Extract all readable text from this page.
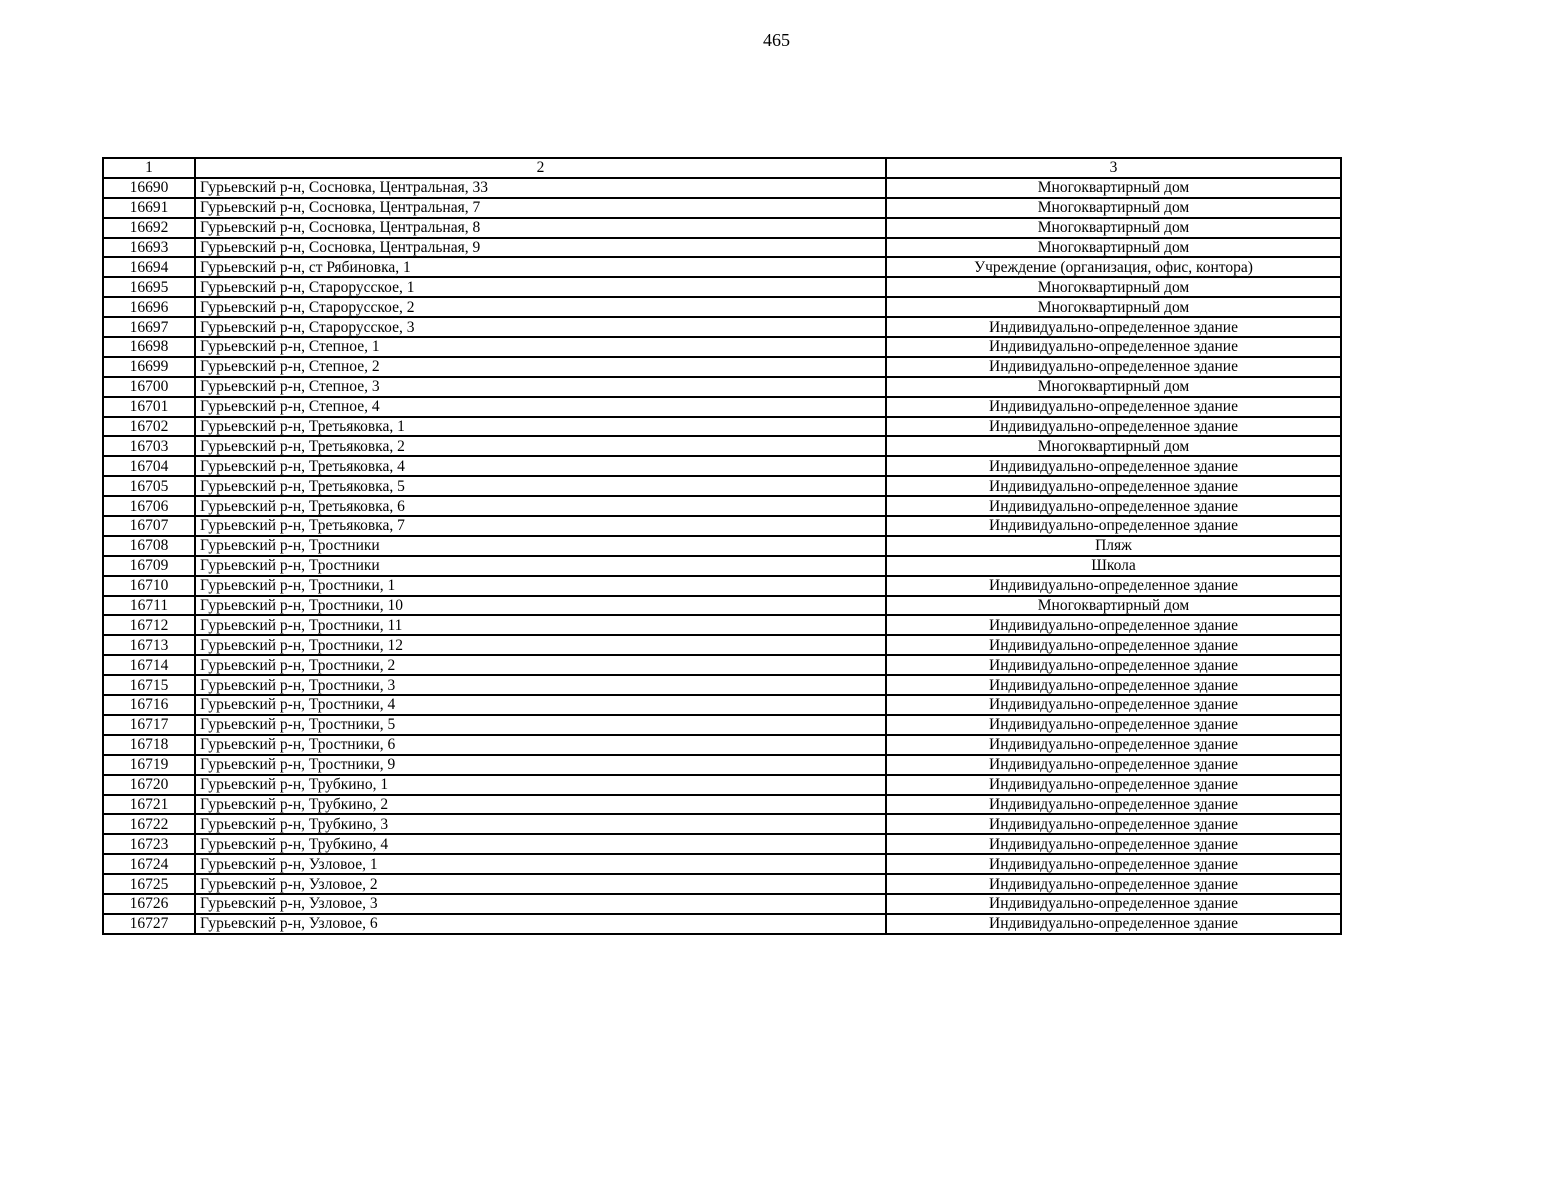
465
1	2	3
16690	Гурьевский р-н, Сосновка, Центральная, 33	Многоквартирный дом
16691	Гурьевский р-н, Сосновка, Центральная, 7	Многоквартирный дом
16692	Гурьевский р-н, Сосновка, Центральная, 8	Многоквартирный дом
16693	Гурьевский р-н, Сосновка, Центральная, 9	Многоквартирный дом
16694	Гурьевский р-н, ст Рябиновка, 1	Учреждение (организация, офис, контора)
16695	Гурьевский р-н, Старорусское, 1	Многоквартирный дом
16696	Гурьевский р-н, Старорусское, 2	Многоквартирный дом
16697	Гурьевский р-н, Старорусское, 3	Индивидуально-определенное здание
16698	Гурьевский р-н, Степное, 1	Индивидуально-определенное здание
16699	Гурьевский р-н, Степное, 2	Индивидуально-определенное здание
16700	Гурьевский р-н, Степное, 3	Многоквартирный дом
16701	Гурьевский р-н, Степное, 4	Индивидуально-определенное здание
16702	Гурьевский р-н, Третьяковка, 1	Индивидуально-определенное здание
16703	Гурьевский р-н, Третьяковка, 2	Многоквартирный дом
16704	Гурьевский р-н, Третьяковка, 4	Индивидуально-определенное здание
16705	Гурьевский р-н, Третьяковка, 5	Индивидуально-определенное здание
16706	Гурьевский р-н, Третьяковка, 6	Индивидуально-определенное здание
16707	Гурьевский р-н, Третьяковка, 7	Индивидуально-определенное здание
16708	Гурьевский р-н, Тростники	Пляж
16709	Гурьевский р-н, Тростники	Школа
16710	Гурьевский р-н, Тростники, 1	Индивидуально-определенное здание
16711	Гурьевский р-н, Тростники, 10	Многоквартирный дом
16712	Гурьевский р-н, Тростники, 11	Индивидуально-определенное здание
16713	Гурьевский р-н, Тростники, 12	Индивидуально-определенное здание
16714	Гурьевский р-н, Тростники, 2	Индивидуально-определенное здание
16715	Гурьевский р-н, Тростники, 3	Индивидуально-определенное здание
16716	Гурьевский р-н, Тростники, 4	Индивидуально-определенное здание
16717	Гурьевский р-н, Тростники, 5	Индивидуально-определенное здание
16718	Гурьевский р-н, Тростники, 6	Индивидуально-определенное здание
16719	Гурьевский р-н, Тростники, 9	Индивидуально-определенное здание
16720	Гурьевский р-н, Трубкино, 1	Индивидуально-определенное здание
16721	Гурьевский р-н, Трубкино, 2	Индивидуально-определенное здание
16722	Гурьевский р-н, Трубкино, 3	Индивидуально-определенное здание
16723	Гурьевский р-н, Трубкино, 4	Индивидуально-определенное здание
16724	Гурьевский р-н, Узловое, 1	Индивидуально-определенное здание
16725	Гурьевский р-н, Узловое, 2	Индивидуально-определенное здание
16726	Гурьевский р-н, Узловое, 3	Индивидуально-определенное здание
16727	Гурьевский р-н, Узловое, 6	Индивидуально-определенное здание
